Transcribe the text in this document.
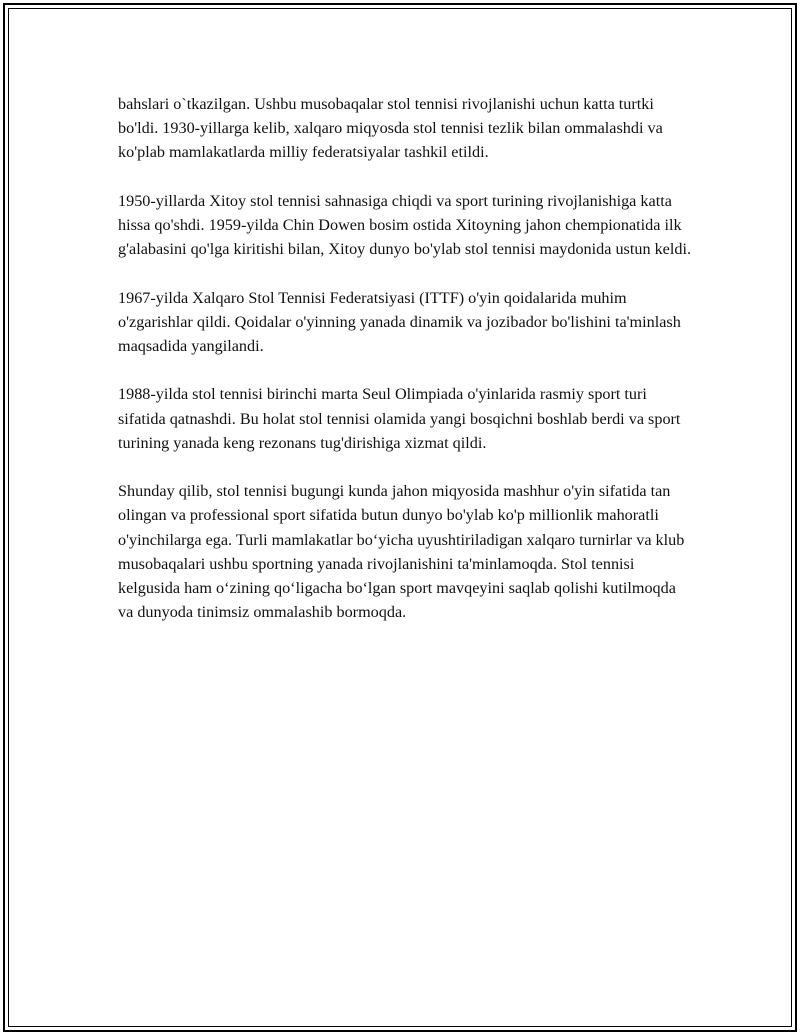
bahslari o`tkazilgan. Ushbu musobaqalar stol tennisi rivojlanishi uchun katta turtki bo'ldi. 1930-yillarga kelib, xalqaro miqyosda stol tennisi tezlik bilan ommalashdi va ko'plab mamlakatlarda milliy federatsiyalar tashkil etildi.

1950-yillarda Xitoy stol tennisi sahnasiga chiqdi va sport turining rivojlanishiga katta hissa qo'shdi. 1959-yilda Chin Dowen bosim ostida Xitoyning jahon chempionatida ilk g'alabasini qo'lga kiritishi bilan, Xitoy dunyo bo'ylab stol tennisi maydonida ustun keldi.

1967-yilda Xalqaro Stol Tennisi Federatsiyasi (ITTF) o'yin qoidalarida muhim o'zgarishlar qildi. Qoidalar o'yinning yanada dinamik va jozibador bo'lishini ta'minlash maqsadida yangilandi.

1988-yilda stol tennisi birinchi marta Seul Olimpiada o'yinlarida rasmiy sport turi sifatida qatnashdi. Bu holat stol tennisi olamida yangi bosqichni boshlab berdi va sport turining yanada keng rezonans tug'dirishiga xizmat qildi.

Shunday qilib, stol tennisi bugungi kunda jahon miqyosida mashhur o'yin sifatida tan olingan va professional sport sifatida butun dunyo bo'ylab ko'p millionlik mahoratli o'yinchilarga ega. Turli mamlakatlar bo‘yicha uyushtiriladigan xalqaro turnirlar va klub musobaqalari ushbu sportning yanada rivojlanishini ta'minlamoqda. Stol tennisi kelgusida ham o‘zining qo‘ligacha bo‘lgan sport mavqeyini saqlab qolishi kutilmoqda va dunyoda tinimsiz ommalashib bormoqda.
